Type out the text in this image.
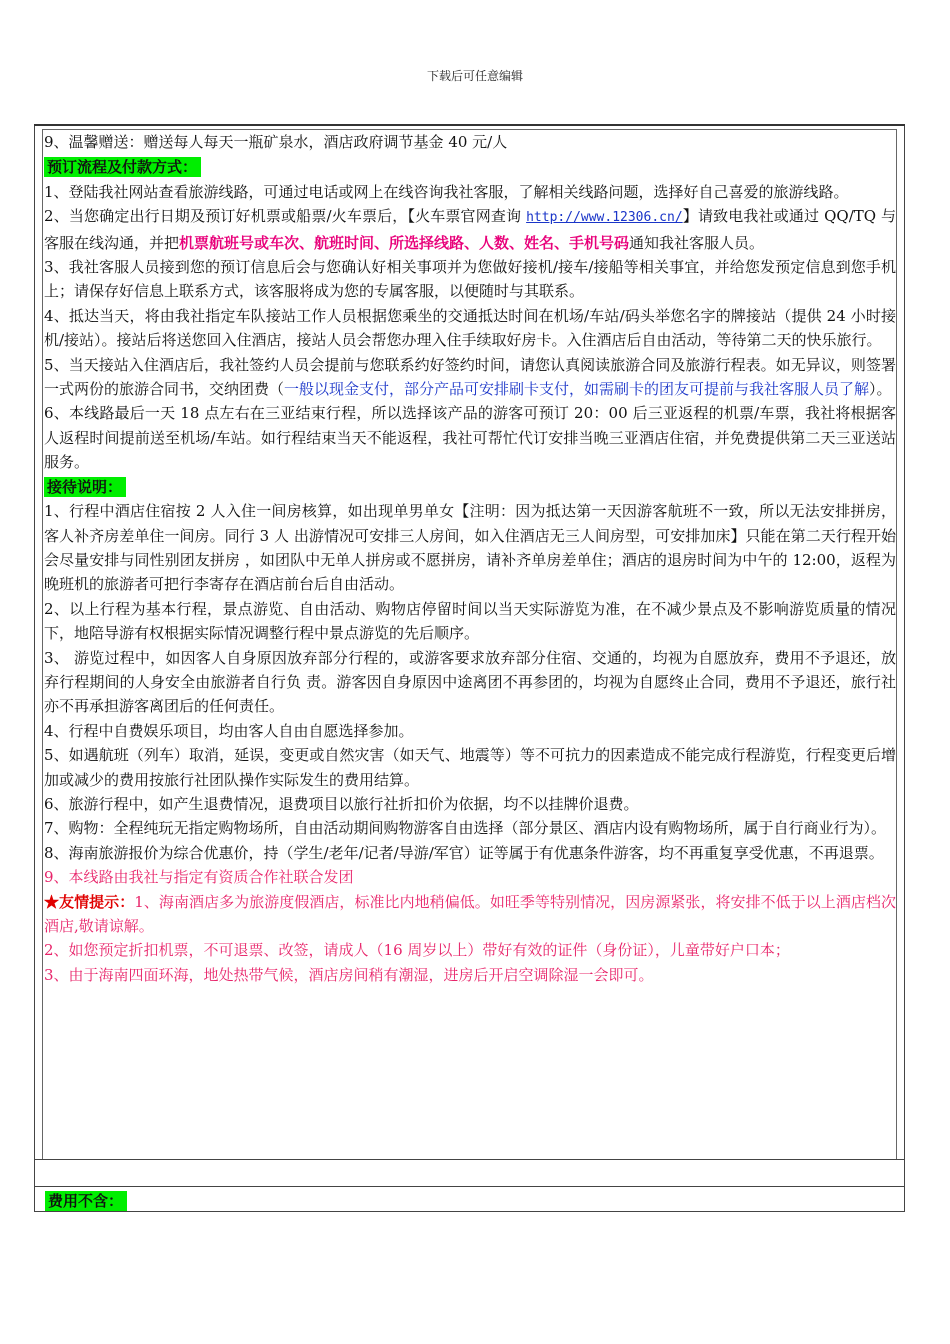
下载后可任意编辑

9、温馨赠送：赠送每人每天一瓶矿泉水，酒店政府调节基金 40 元/人

预订流程及付款方式：

1、登陆我社网站查看旅游线路，可通过电话或网上在线咨询我社客服，了解相关线路问题，选择好自己喜爱的旅游线路。

2、当您确定出行日期及预订好机票或船票/火车票后，【火车票官网查询 http://www.12306.cn/】请致电我社或通过 QQ/TQ 与客服在线沟通，并把机票航班号或车次、航班时间、所选择线路、人数、姓名、手机号码通知我社客服人员。

3、我社客服人员接到您的预订信息后会与您确认好相关事项并为您做好接机/接车/接船等相关事宜，并给您发预定信息到您手机上；请保存好信息上联系方式，该客服将成为您的专属客服，以便随时与其联系。

4、抵达当天，将由我社指定车队接站工作人员根据您乘坐的交通抵达时间在机场/车站/码头举您名字的牌接站（提供 24 小时接机/接站）。接站后将送您回入住酒店，接站人员会帮您办理入住手续取好房卡。入住酒店后自由活动，等待第二天的快乐旅行。

5、当天接站入住酒店后，我社签约人员会提前与您联系约好签约时间，请您认真阅读旅游合同及旅游行程表。如无异议，则签署一式两份的旅游合同书，交纳团费（一般以现金支付，部分产品可安排刷卡支付，如需刷卡的团友可提前与我社客服人员了解）。

6、本线路最后一天 18 点左右在三亚结束行程，所以选择该产品的游客可预订 20：00 后三亚返程的机票/车票，我社将根据客人返程时间提前送至机场/车站。如行程结束当天不能返程，我社可帮忙代订安排当晚三亚酒店住宿，并免费提供第二天三亚送站服务。

接待说明：

1、行程中酒店住宿按 2 人入住一间房核算，如出现单男单女【注明：因为抵达第一天因游客航班不一致，所以无法安排拼房，客人补齐房差单住一间房。同行 3 人 出游情况可安排三人房间，如入住酒店无三人间房型，可安排加床】只能在第二天行程开始会尽量安排与同性别团友拼房 ，如团队中无单人拼房或不愿拼房，请补齐单房差单住；酒店的退房时间为中午的 12:00，返程为晚班机的旅游者可把行李寄存在酒店前台后自由活动。

2、以上行程为基本行程，景点游览、自由活动、购物店停留时间以当天实际游览为准，在不减少景点及不影响游览质量的情况下，地陪导游有权根据实际情况调整行程中景点游览的先后顺序。

3、 游览过程中，如因客人自身原因放弃部分行程的，或游客要求放弃部分住宿、交通的，均视为自愿放弃，费用不予退还，放弃行程期间的人身安全由旅游者自行负 责。游客因自身原因中途离团不再参团的，均视为自愿终止合同，费用不予退还，旅行社亦不再承担游客离团后的任何责任。

4、行程中自费娱乐项目，均由客人自由自愿选择参加。

5、如遇航班（列车）取消，延误，变更或自然灾害（如天气、地震等）等不可抗力的因素造成不能完成行程游览，行程变更后增加或减少的费用按旅行社团队操作实际发生的费用结算。

6、旅游行程中，如产生退费情况，退费项目以旅行社折扣价为依据，均不以挂牌价退费。

7、购物：全程纯玩无指定购物场所，自由活动期间购物游客自由选择（部分景区、酒店内设有购物场所，属于自行商业行为）。

8、海南旅游报价为综合优惠价，持（学生/老年/记者/导游/军官）证等属于有优惠条件游客，均不再重复享受优惠，不再退票。

9、本线路由我社与指定有资质合作社联合发团

★友情提示：1、海南酒店多为旅游度假酒店，标准比内地稍偏低。如旺季等特别情况，因房源紧张，将安排不低于以上酒店档次酒店,敬请谅解。

2、如您预定折扣机票，不可退票、改签，请成人（16 周岁以上）带好有效的证件（身份证），儿童带好户口本；

3、由于海南四面环海，地处热带气候，酒店房间稍有潮湿，进房后开启空调除湿一会即可。

费用不含：
